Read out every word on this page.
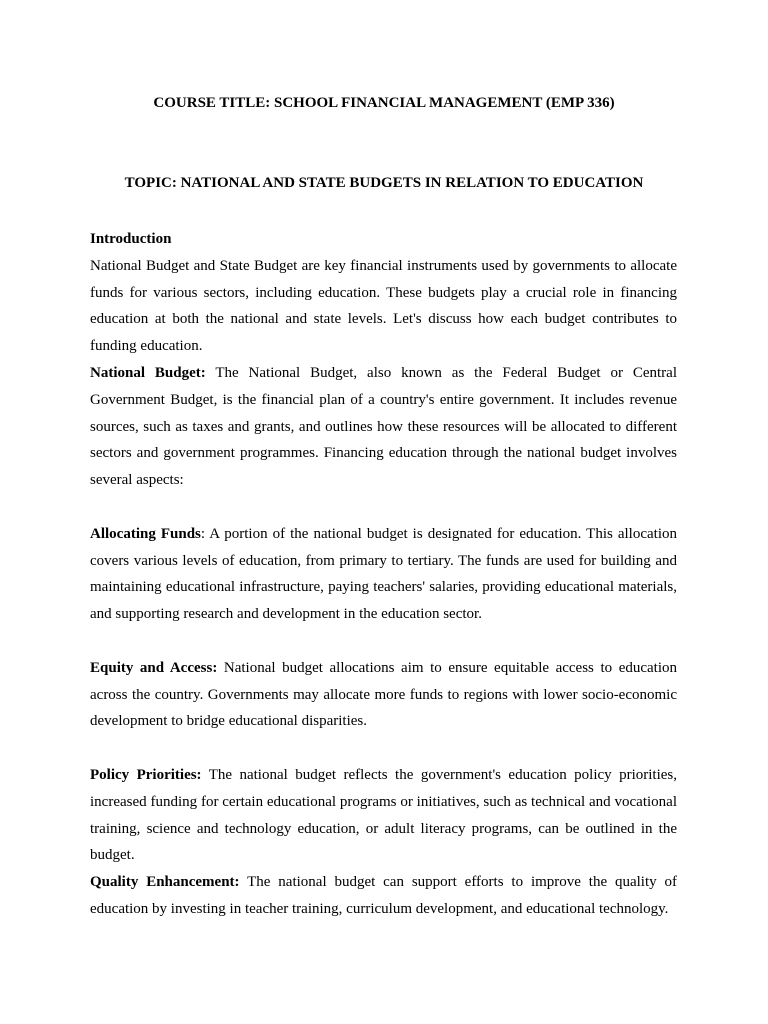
COURSE TITLE: SCHOOL FINANCIAL MANAGEMENT (EMP 336)

TOPIC: NATIONAL AND STATE BUDGETS IN RELATION TO EDUCATION

Introduction

National Budget and State Budget are key financial instruments used by governments to allocate funds for various sectors, including education. These budgets play a crucial role in financing education at both the national and state levels. Let's discuss how each budget contributes to funding education.

National Budget: The National Budget, also known as the Federal Budget or Central Government Budget, is the financial plan of a country's entire government. It includes revenue sources, such as taxes and grants, and outlines how these resources will be allocated to different sectors and government programmes. Financing education through the national budget involves several aspects:

Allocating Funds: A portion of the national budget is designated for education. This allocation covers various levels of education, from primary to tertiary. The funds are used for building and maintaining educational infrastructure, paying teachers' salaries, providing educational materials, and supporting research and development in the education sector.

Equity and Access: National budget allocations aim to ensure equitable access to education across the country. Governments may allocate more funds to regions with lower socio-economic development to bridge educational disparities.

Policy Priorities: The national budget reflects the government's education policy priorities, increased funding for certain educational programs or initiatives, such as technical and vocational training, science and technology education, or adult literacy programs, can be outlined in the budget.

Quality Enhancement: The national budget can support efforts to improve the quality of education by investing in teacher training, curriculum development, and educational technology.
